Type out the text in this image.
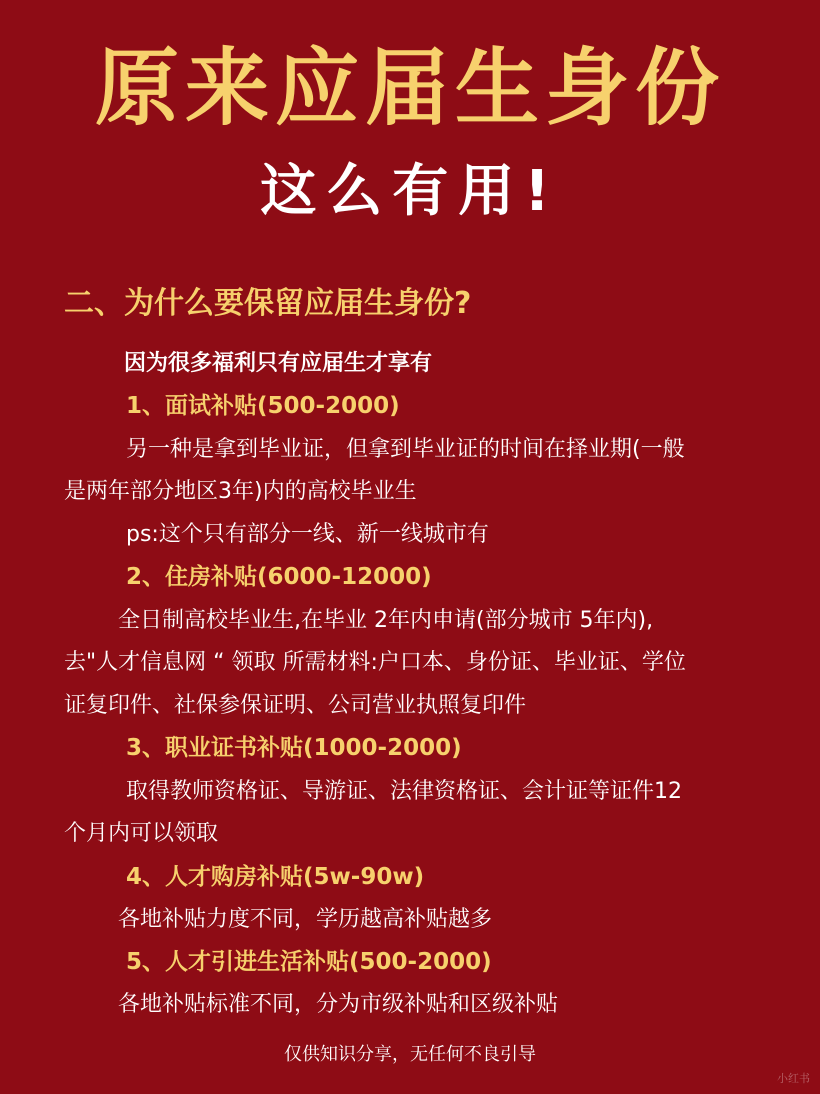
原来应届生身份
这么有用!
二、为什么要保留应届生身份?
因为很多福利只有应届生才享有
1、面试补贴(500-2000)
另一种是拿到毕业证，但拿到毕业证的时间在择业期(一般
是两年部分地区3年)内的高校毕业生
ps:这个只有部分一线、新一线城市有
2、住房补贴(6000-12000)
全日制高校毕业生,在毕业 2年内申请(部分城市 5年内),
去"人才信息网 “ 领取 所需材料:户口本、身份证、毕业证、学位
证复印件、社保参保证明、公司营业执照复印件
3、职业证书补贴(1000-2000)
取得教师资格证、导游证、法律资格证、会计证等证件12
个月内可以领取
4、人才购房补贴(5w-90w)
各地补贴力度不同，学历越高补贴越多
5、人才引进生活补贴(500-2000)
各地补贴标准不同，分为市级补贴和区级补贴
仅供知识分享，无任何不良引导
小红书
